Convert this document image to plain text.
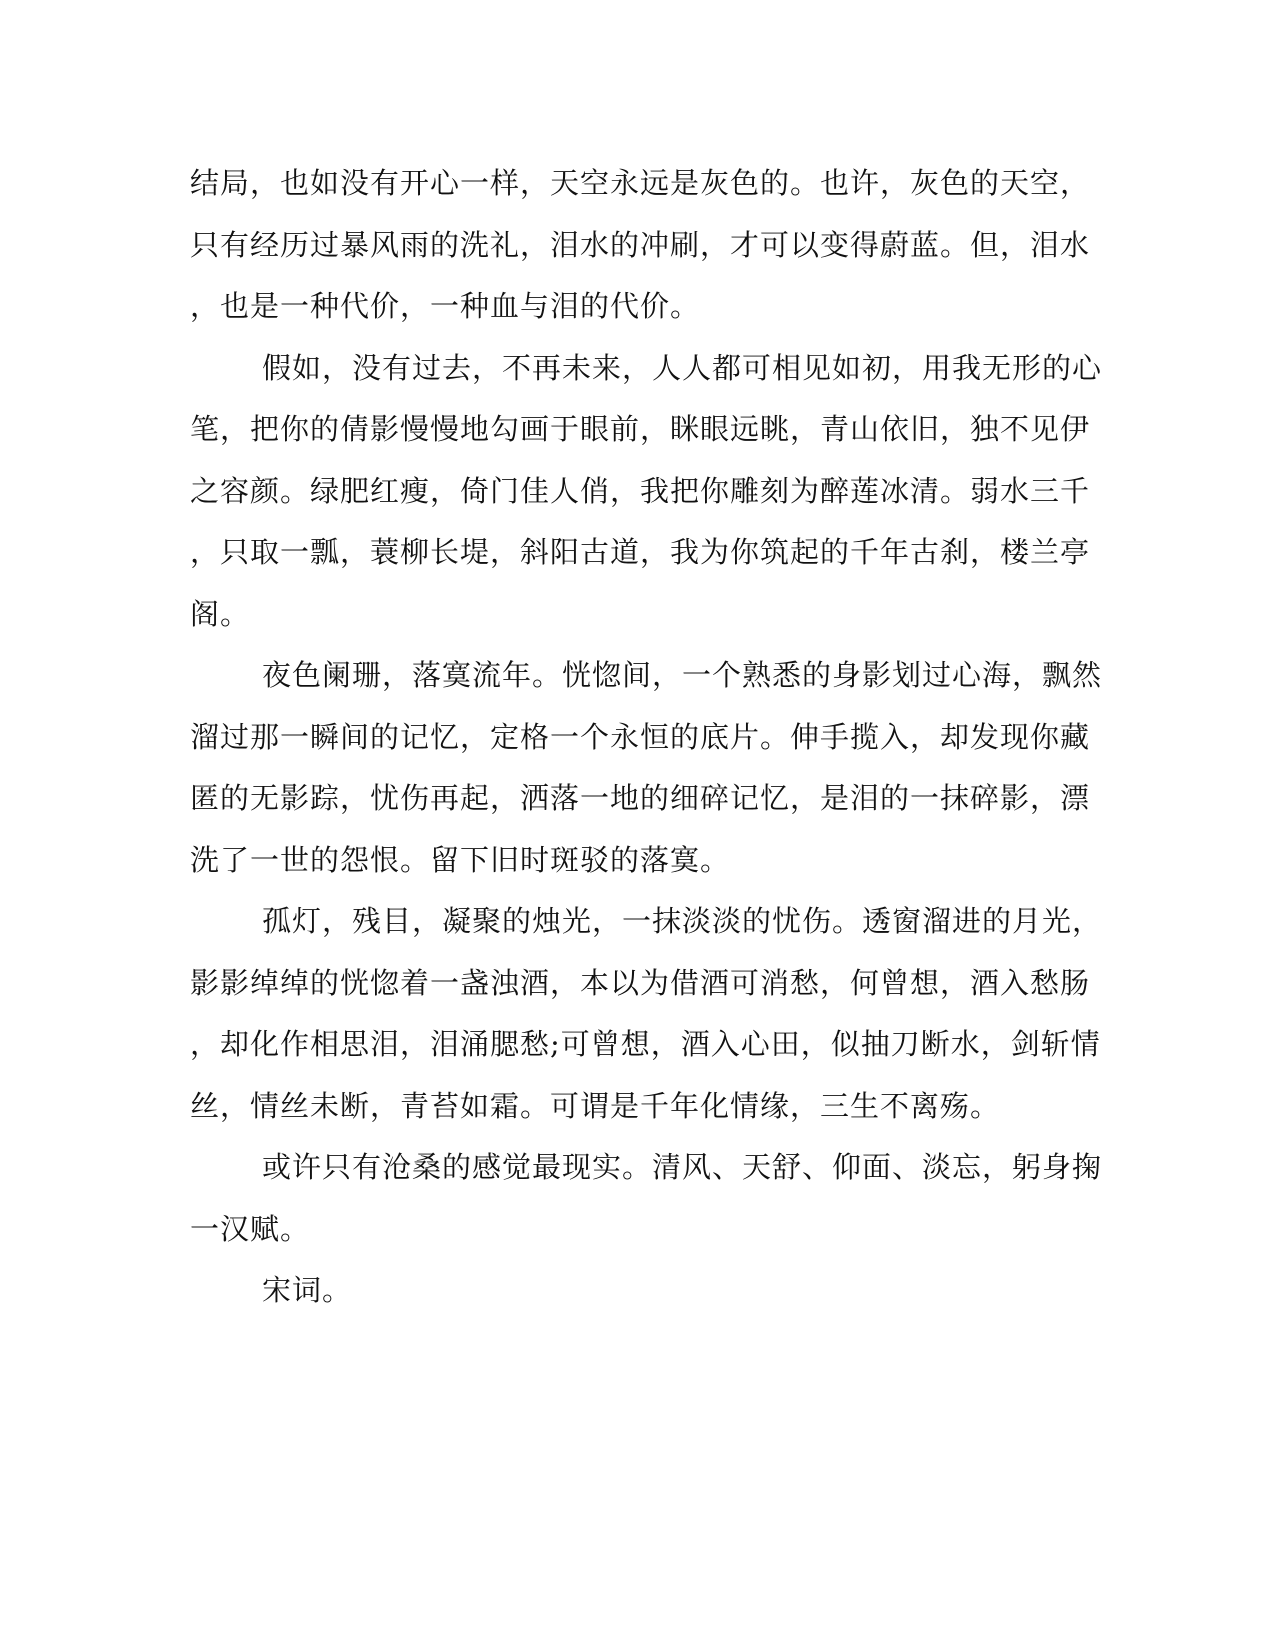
结局，也如没有开心一样，天空永远是灰色的。也许，灰色的天空，
只有经历过暴风雨的洗礼，泪水的冲刷，才可以变得蔚蓝。但，泪水
，也是一种代价，一种血与泪的代价。

假如，没有过去，不再未来，人人都可相见如初，用我无形的心
笔，把你的倩影慢慢地勾画于眼前，眯眼远眺，青山依旧，独不见伊
之容颜。绿肥红瘦，倚门佳人俏，我把你雕刻为醉莲冰清。弱水三千
，只取一瓢，蓑柳长堤，斜阳古道，我为你筑起的千年古刹，楼兰亭
阁。

夜色阑珊，落寞流年。恍惚间，一个熟悉的身影划过心海，飘然
溜过那一瞬间的记忆，定格一个永恒的底片。伸手揽入，却发现你藏
匿的无影踪，忧伤再起，洒落一地的细碎记忆，是泪的一抹碎影，漂
洗了一世的怨恨。留下旧时斑驳的落寞。

孤灯，残目，凝聚的烛光，一抹淡淡的忧伤。透窗溜进的月光，
影影绰绰的恍惚着一盏浊酒，本以为借酒可消愁，何曾想，酒入愁肠
，却化作相思泪，泪涌腮愁;可曾想，酒入心田，似抽刀断水，剑斩情
丝，情丝未断，青苔如霜。可谓是千年化情缘，三生不离殇。

或许只有沧桑的感觉最现实。清风、天舒、仰面、淡忘，躬身掬
一汉赋。

宋词。
